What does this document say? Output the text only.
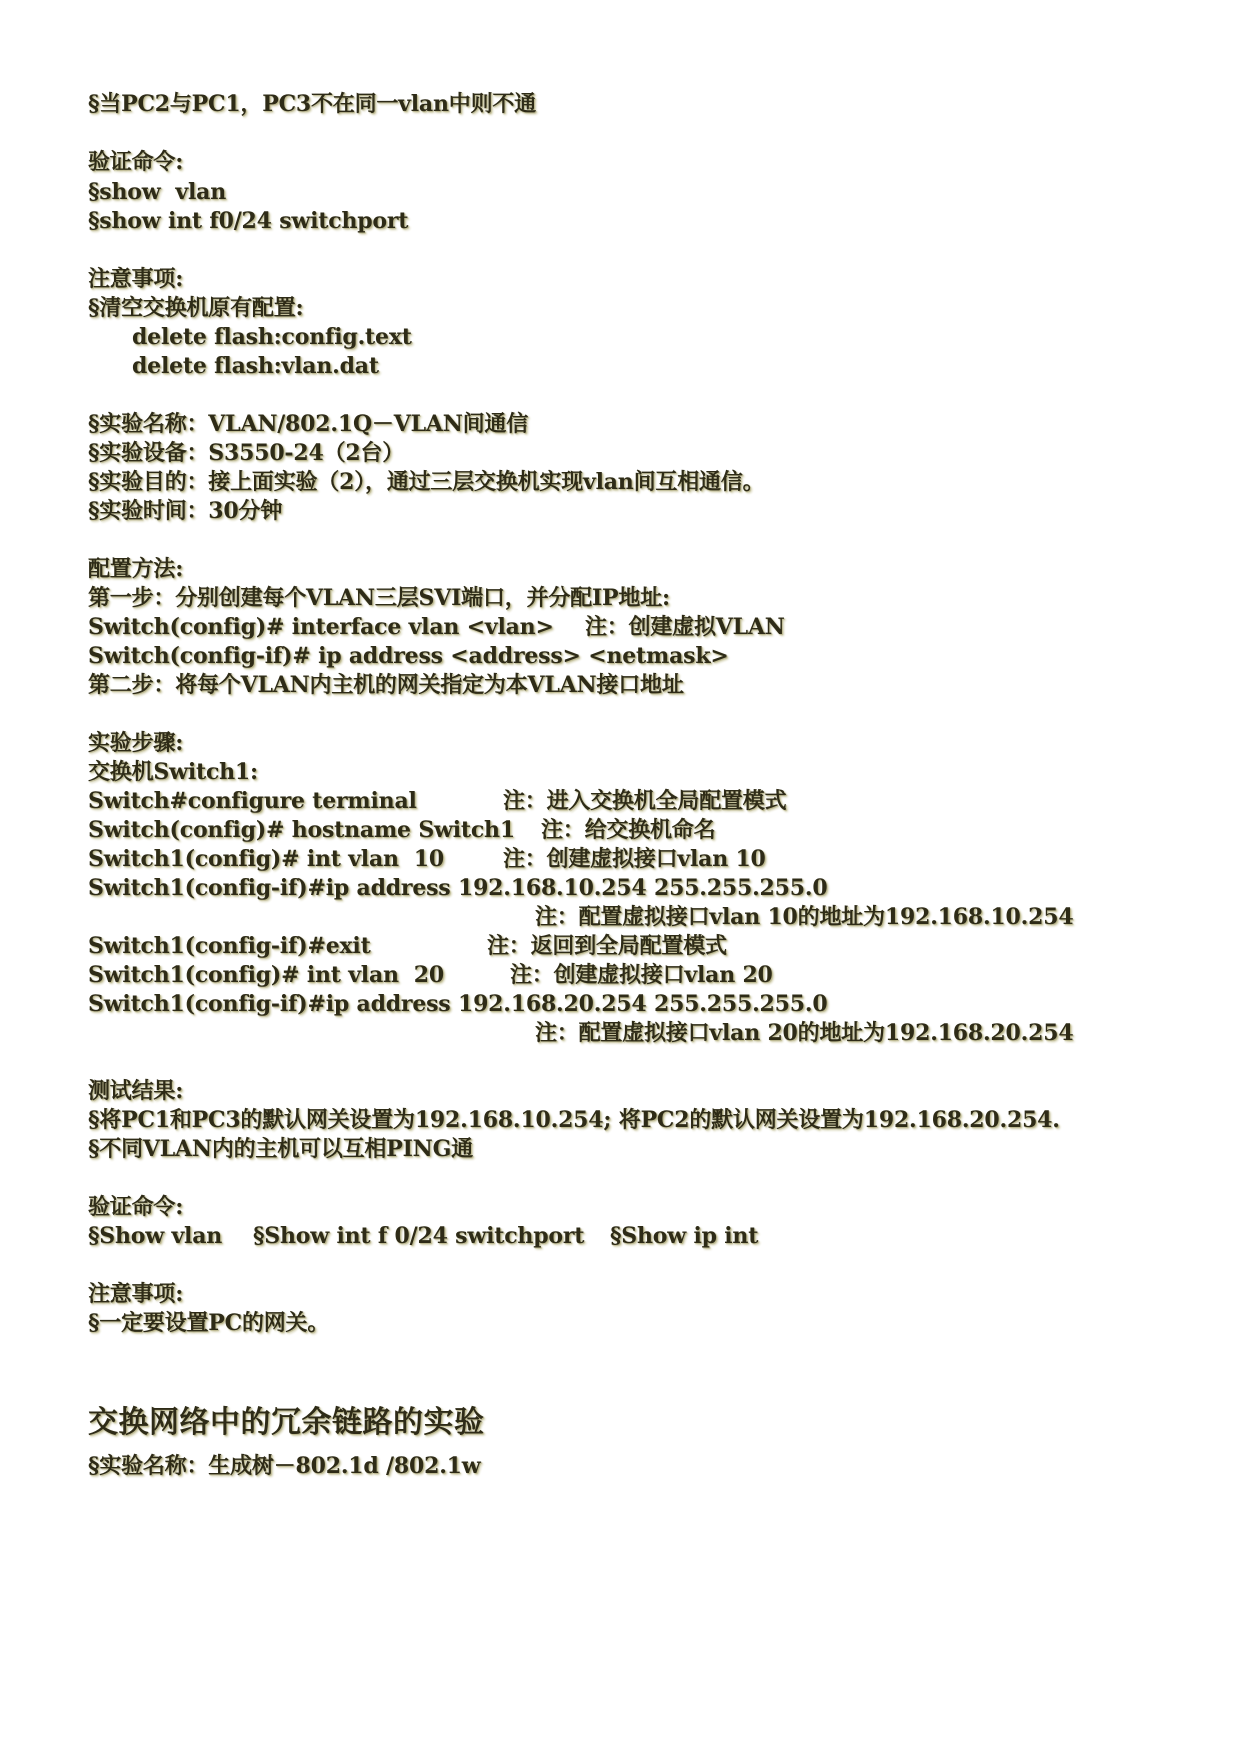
§当PC2与PC1，PC3不在同一vlan中则不通
验证命令:
§show  vlan
§show int f0/24 switchport
注意事项:
§清空交换机原有配置:
delete flash:config.text
delete flash:vlan.dat
§实验名称：VLAN/802.1Q－VLAN间通信
§实验设备：S3550-24（2台）
§实验目的：接上面实验（2），通过三层交换机实现vlan间互相通信。
§实验时间：30分钟
配置方法:
第一步：分别创建每个VLAN三层SVI端口，并分配IP地址:
Switch(config)# interface vlan <vlan> 注：创建虚拟VLAN
Switch(config-if)# ip address <address> <netmask>
第二步：将每个VLAN内主机的网关指定为本VLAN接口地址
实验步骤:
交换机Switch1:
Switch#configure terminal	注：进入交换机全局配置模式
Switch(config)# hostname Switch1 注：给交换机命名
Switch1(config)# int vlan  10	注：创建虚拟接口vlan 10
Switch1(config-if)#ip address 192.168.10.254 255.255.255.0
注：配置虚拟接口vlan 10的地址为192.168.10.254
Switch1(config-if)#exit	注：返回到全局配置模式
Switch1(config)# int vlan  20	注：创建虚拟接口vlan 20
Switch1(config-if)#ip address 192.168.20.254 255.255.255.0
注：配置虚拟接口vlan 20的地址为192.168.20.254
测试结果:
§将PC1和PC3的默认网关设置为192.168.10.254; 将PC2的默认网关设置为192.168.20.254.
§不同VLAN内的主机可以互相PING通
验证命令:
§Show vlan §Show int f 0/24 switchport §Show ip int
注意事项:
§一定要设置PC的网关。
交换网络中的冗余链路的实验
§实验名称：生成树－802.1d /802.1w
